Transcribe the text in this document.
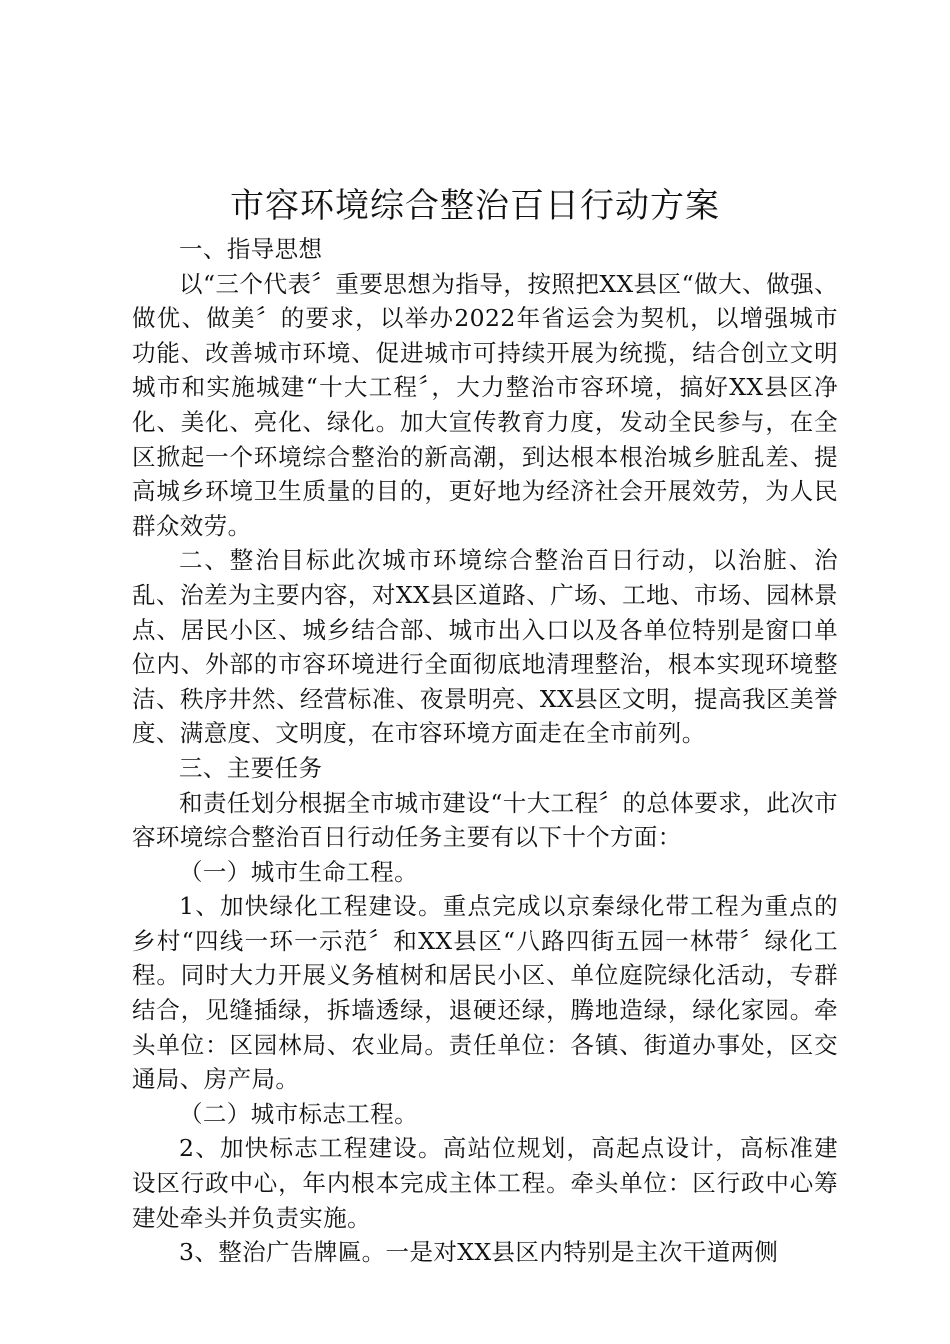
市容环境综合整治百日行动方案

一、指导思想

以“三个代表〞重要思想为指导，按照把XX县区“做大、做强、做优、做美〞的要求，以举办2022年省运会为契机，以增强城市功能、改善城市环境、促进城市可持续开展为统揽，结合创立文明城市和实施城建“十大工程〞，大力整治市容环境，搞好XX县区净化、美化、亮化、绿化。加大宣传教育力度，发动全民参与，在全区掀起一个环境综合整治的新高潮，到达根本根治城乡脏乱差、提高城乡环境卫生质量的目的，更好地为经济社会开展效劳，为人民群众效劳。

二、整治目标此次城市环境综合整治百日行动，以治脏、治乱、治差为主要内容，对XX县区道路、广场、工地、市场、园林景点、居民小区、城乡结合部、城市出入口以及各单位特别是窗口单位内、外部的市容环境进行全面彻底地清理整治，根本实现环境整洁、秩序井然、经营标准、夜景明亮、XX县区文明，提高我区美誉度、满意度、文明度，在市容环境方面走在全市前列。

三、主要任务

和责任划分根据全市城市建设“十大工程〞的总体要求，此次市容环境综合整治百日行动任务主要有以下十个方面：

（一）城市生命工程。

1、加快绿化工程建设。重点完成以京秦绿化带工程为重点的乡村“四线一环一示范〞和XX县区“八路四街五园一林带〞绿化工程。同时大力开展义务植树和居民小区、单位庭院绿化活动，专群结合，见缝插绿，拆墙透绿，退硬还绿，腾地造绿，绿化家园。牵头单位：区园林局、农业局。责任单位：各镇、街道办事处，区交通局、房产局。

（二）城市标志工程。

2、加快标志工程建设。高站位规划，高起点设计，高标准建设区行政中心，年内根本完成主体工程。牵头单位：区行政中心筹建处牵头并负责实施。

3、整治广告牌匾。一是对XX县区内特别是主次干道两侧
